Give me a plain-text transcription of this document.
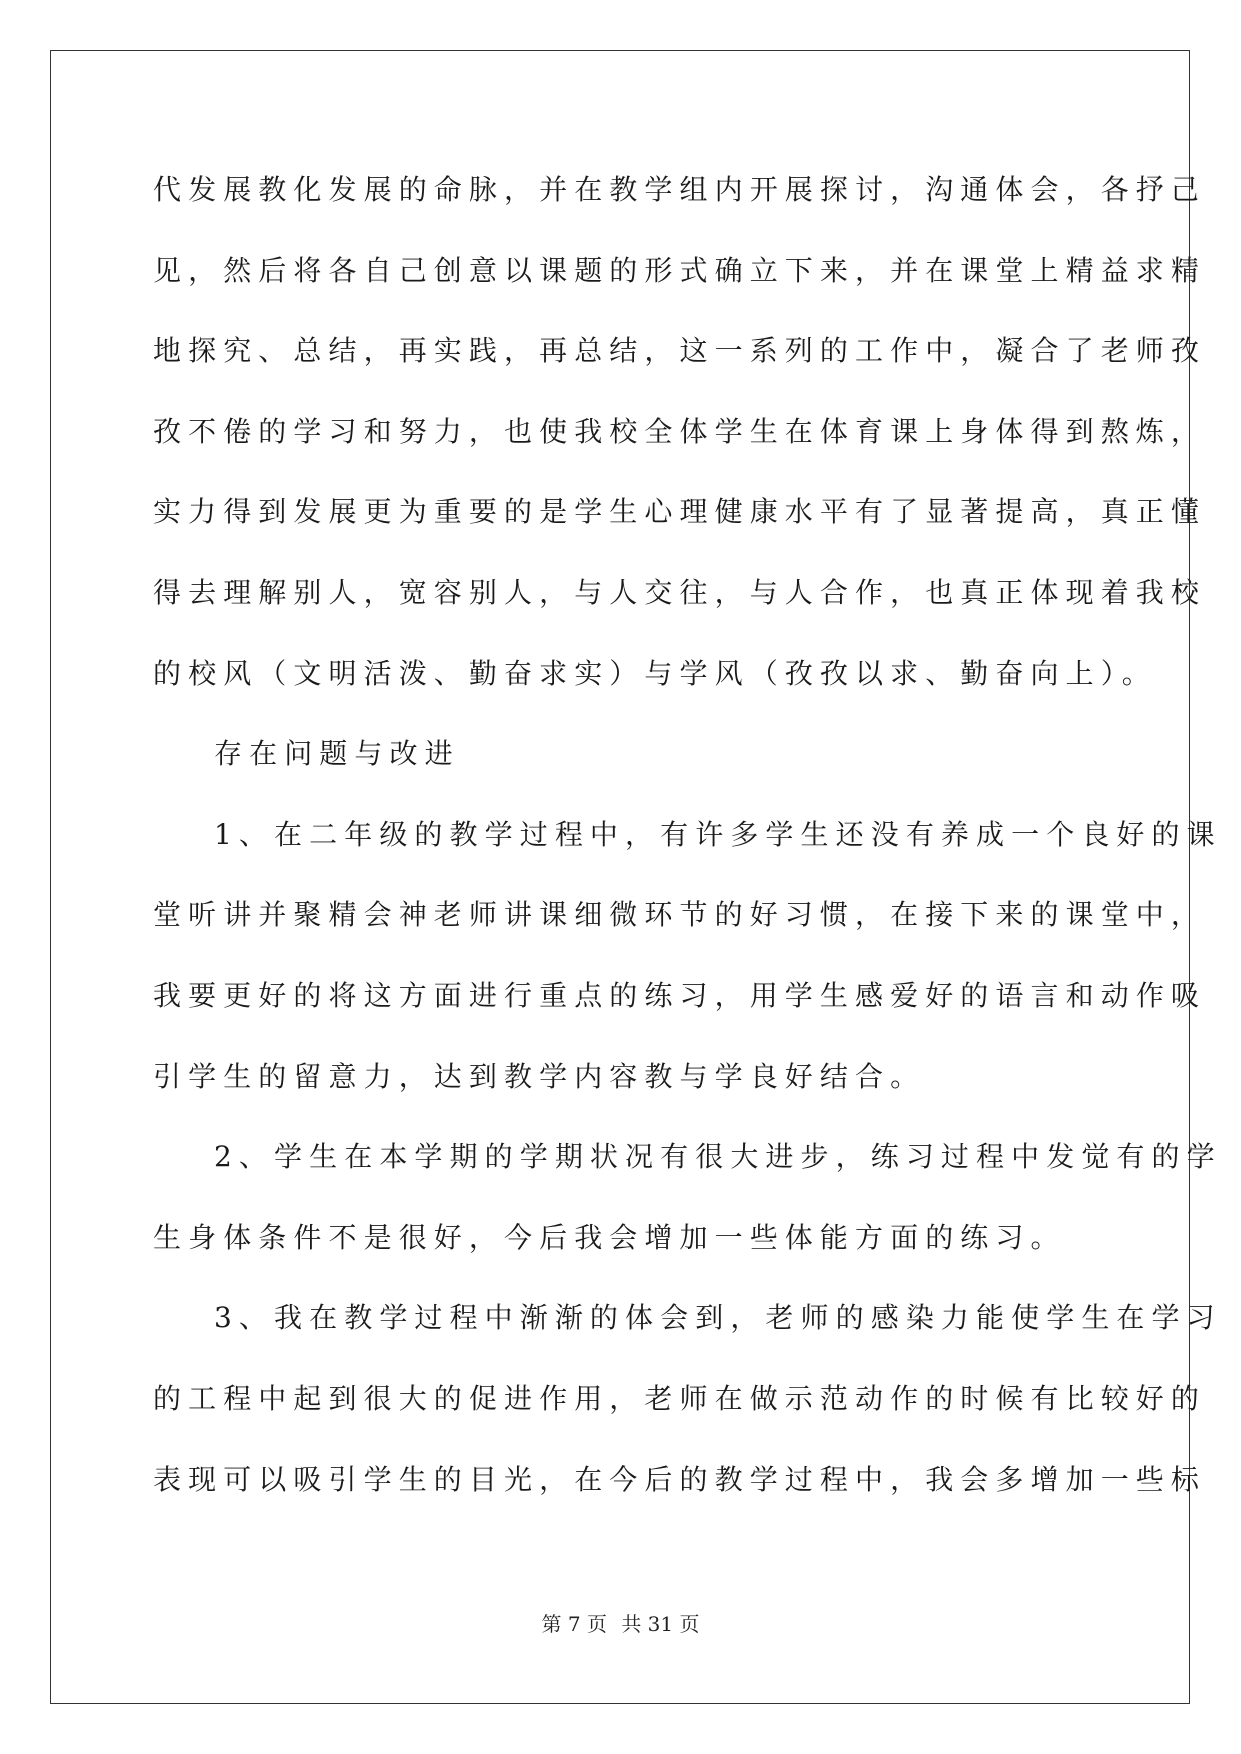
代发展教化发展的命脉，并在教学组内开展探讨，沟通体会，各抒己
见，然后将各自己创意以课题的形式确立下来，并在课堂上精益求精
地探究、总结，再实践，再总结，这一系列的工作中，凝合了老师孜
孜不倦的学习和努力，也使我校全体学生在体育课上身体得到熬炼，
实力得到发展更为重要的是学生心理健康水平有了显著提高，真正懂
得去理解别人，宽容别人，与人交往，与人合作，也真正体现着我校
的校风（文明活泼、勤奋求实）与学风（孜孜以求、勤奋向上）。
存在问题与改进
1、在二年级的教学过程中，有许多学生还没有养成一个良好的课
堂听讲并聚精会神老师讲课细微环节的好习惯，在接下来的课堂中，
我要更好的将这方面进行重点的练习，用学生感爱好的语言和动作吸
引学生的留意力，达到教学内容教与学良好结合。
2、学生在本学期的学期状况有很大进步，练习过程中发觉有的学
生身体条件不是很好，今后我会增加一些体能方面的练习。
3、我在教学过程中渐渐的体会到，老师的感染力能使学生在学习
的工程中起到很大的促进作用，老师在做示范动作的时候有比较好的
表现可以吸引学生的目光，在今后的教学过程中，我会多增加一些标
第 7 页 共 31 页
